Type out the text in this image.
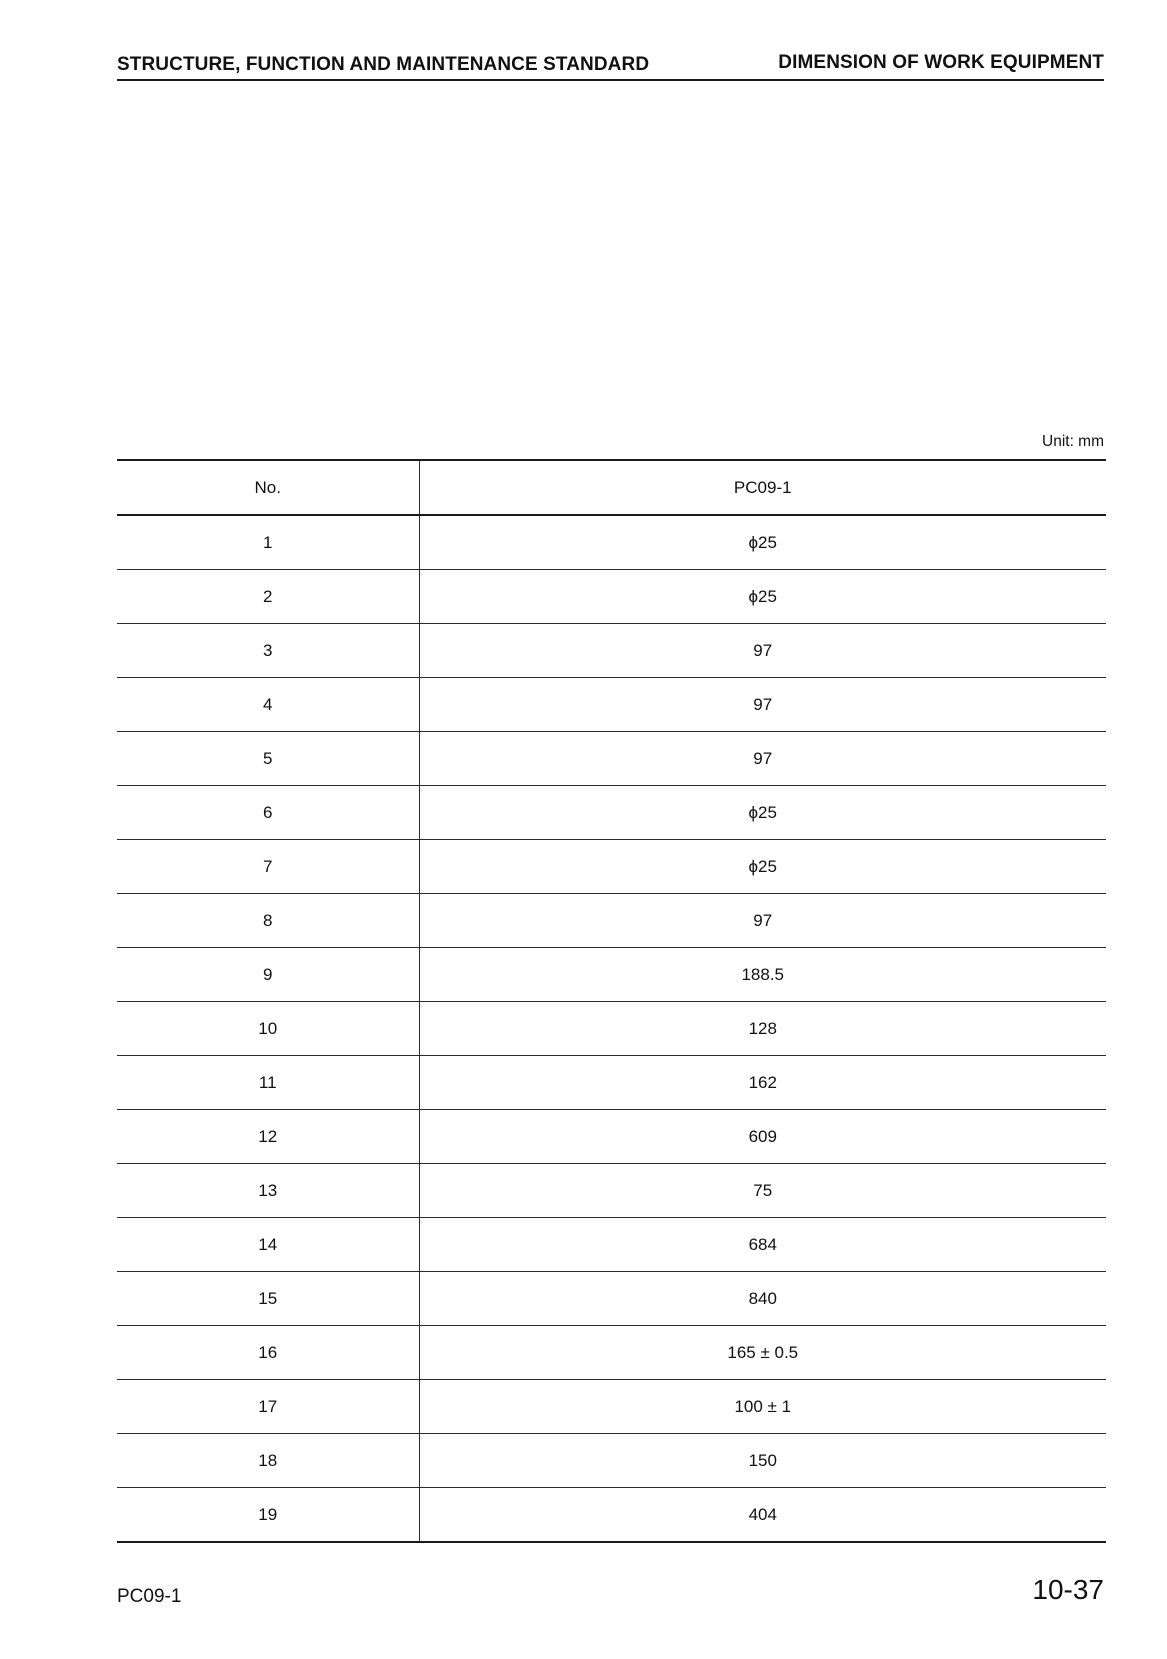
STRUCTURE, FUNCTION AND MAINTENANCE STANDARD	DIMENSION OF WORK EQUIPMENT
Unit: mm
No.	PC09-1
1	ϕ25
2	ϕ25
3	97
4	97
5	97
6	ϕ25
7	ϕ25
8	97
9	188.5
10	128
11	162
12	609
13	75
14	684
15	840
16	165 ± 0.5
17	100 ± 1
18	150
19	404
PC09-1	10-37
